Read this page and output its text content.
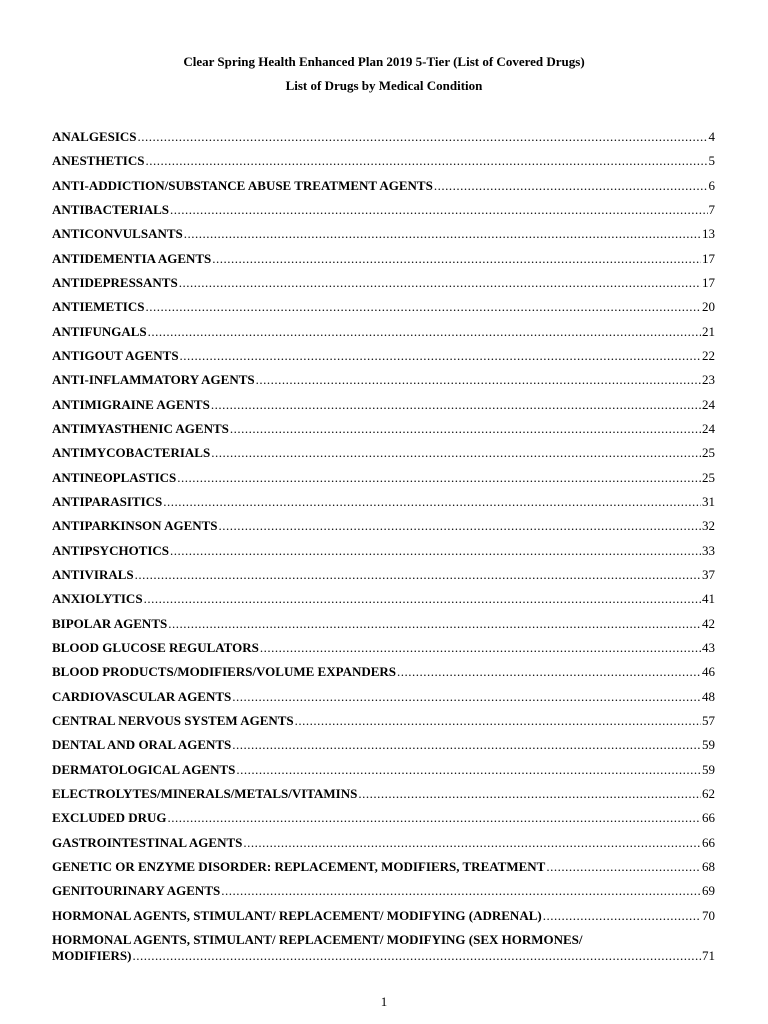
Clear Spring Health Enhanced Plan 2019 5-Tier (List of Covered Drugs)
List of Drugs by Medical Condition
ANALGESICS .....	4
ANESTHETICS .....	5
ANTI-ADDICTION/SUBSTANCE ABUSE TREATMENT AGENTS .....	6
ANTIBACTERIALS .....	7
ANTICONVULSANTS .....	13
ANTIDEMENTIA AGENTS .....	17
ANTIDEPRESSANTS .....	17
ANTIEMETICS .....	20
ANTIFUNGALS .....	21
ANTIGOUT AGENTS .....	22
ANTI-INFLAMMATORY AGENTS .....	23
ANTIMIGRAINE AGENTS .....	24
ANTIMYASTHENIC AGENTS .....	24
ANTIMYCOBACTERIALS .....	25
ANTINEOPLASTICS .....	25
ANTIPARASITICS .....	31
ANTIPARKINSON AGENTS .....	32
ANTIPSYCHOTICS .....	33
ANTIVIRALS .....	37
ANXIOLYTICS .....	41
BIPOLAR AGENTS .....	42
BLOOD GLUCOSE REGULATORS .....	43
BLOOD PRODUCTS/MODIFIERS/VOLUME EXPANDERS .....	46
CARDIOVASCULAR AGENTS .....	48
CENTRAL NERVOUS SYSTEM AGENTS .....	57
DENTAL AND ORAL AGENTS .....	59
DERMATOLOGICAL AGENTS .....	59
ELECTROLYTES/MINERALS/METALS/VITAMINS .....	62
EXCLUDED DRUG .....	66
GASTROINTESTINAL AGENTS .....	66
GENETIC OR ENZYME DISORDER: REPLACEMENT, MODIFIERS, TREATMENT .....	68
GENITOURINARY AGENTS .....	69
HORMONAL AGENTS, STIMULANT/ REPLACEMENT/ MODIFYING (ADRENAL) .....	70
HORMONAL AGENTS, STIMULANT/ REPLACEMENT/ MODIFYING (SEX HORMONES/
MODIFIERS) .....	71
1
